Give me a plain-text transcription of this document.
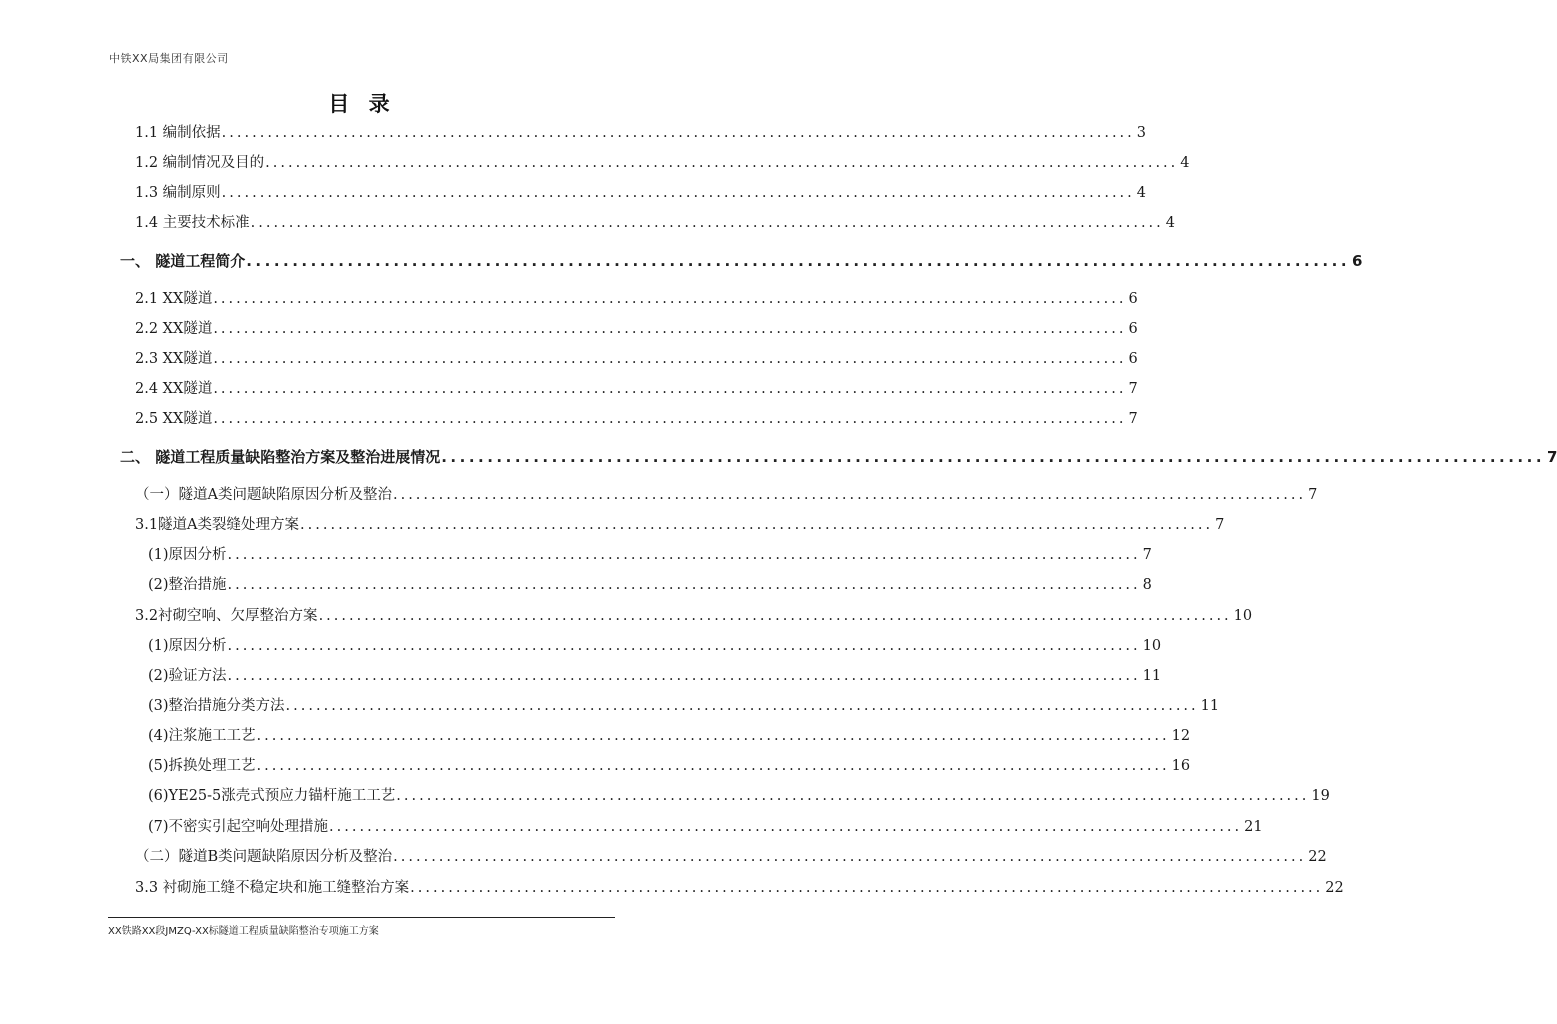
中铁XX局集团有限公司
目 录
1.1 编制依据 ........................................................................................................................ 3
1.2 编制情况及目的 ........................................................................................................................ 4
1.3 编制原则 ........................................................................................................................ 4
1.4 主要技术标准 ........................................................................................................................ 4
一、 隧道工程简介 ........................................................................................................................ 6
2.1 XX隧道 ........................................................................................................................ 6
2.2 XX隧道 ........................................................................................................................ 6
2.3 XX隧道 ........................................................................................................................ 6
2.4 XX隧道 ........................................................................................................................ 7
2.5 XX隧道 ........................................................................................................................ 7
二、 隧道工程质量缺陷整治方案及整治进展情况 ........................................................................................................................ 7
（一）隧道A类问题缺陷原因分析及整治 ........................................................................................................................ 7
3.1隧道A类裂缝处理方案 ........................................................................................................................ 7
(1)原因分析 ........................................................................................................................ 7
(2)整治措施 ........................................................................................................................ 8
3.2衬砌空响、欠厚整治方案 ........................................................................................................................ 10
(1)原因分析 ........................................................................................................................ 10
(2)验证方法 ........................................................................................................................ 11
(3)整治措施分类方法 ........................................................................................................................ 11
(4)注浆施工工艺 ........................................................................................................................ 12
(5)拆换处理工艺 ........................................................................................................................ 16
(6)YE25-5涨壳式预应力锚杆施工工艺 ........................................................................................................................ 19
(7)不密实引起空响处理措施 ........................................................................................................................ 21
（二）隧道B类问题缺陷原因分析及整治 ........................................................................................................................ 22
3.3 衬砌施工缝不稳定块和施工缝整治方案 ........................................................................................................................ 22
XX铁路XX段JMZQ-XX标隧道工程质量缺陷整治专项施工方案
